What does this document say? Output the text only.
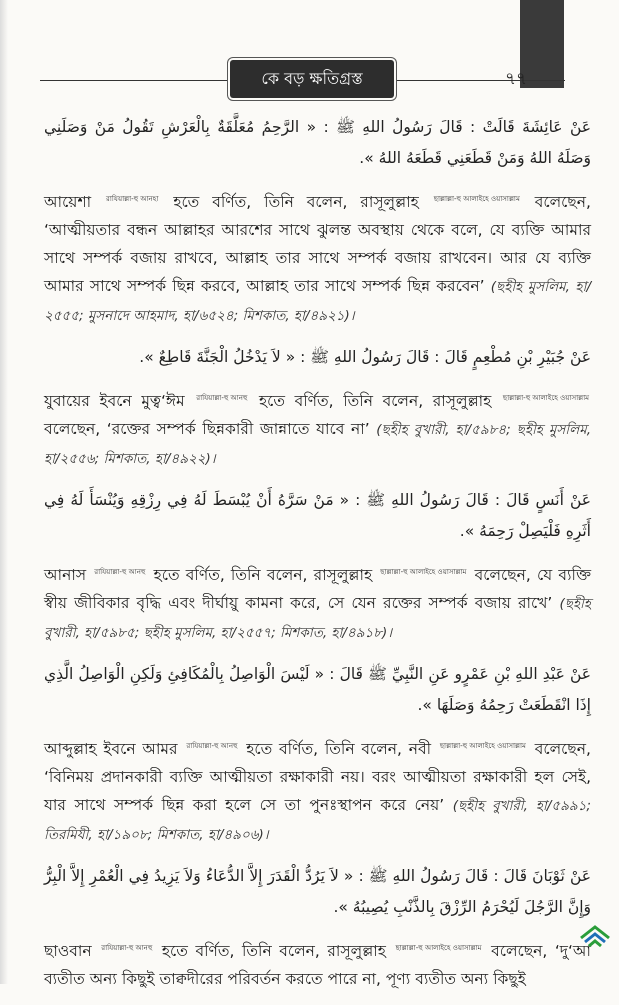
কে বড় ক্ষতিগ্রস্ত	৭৭

عَنْ عَائِشَةَ قَالَتْ : قَالَ رَسُولُ اللهِ ﷺ : « الرَّحِمُ مُعَلَّقَةٌ بِالْعَرْشِ تَقُولُ مَنْ وَصَلَنِي وَصَلَهُ اللهُ وَمَنْ قَطَعَنِي قَطَعَهُ اللهُ ».

আয়েশা রাযিয়াল্লা-হু আনহা হতে বর্ণিত, তিনি বলেন, রাসূলুল্লাহ ছাল্লাল্লা-হু আলাইহে ওয়াসাল্লাম বলেছেন, ‘আত্মীয়তার বন্ধন আল্লাহর আরশের সাথে ঝুলন্ত অবস্থায় থেকে বলে, যে ব্যক্তি আমার সাথে সম্পর্ক বজায় রাখবে, আল্লাহ তার সাথে সম্পর্ক বজায় রাখবেন। আর যে ব্যক্তি আমার সাথে সম্পর্ক ছিন্ন করবে, আল্লাহ তার সাথে সম্পর্ক ছিন্ন করবেন’ (ছহীহ মুসলিম, হা/২৫৫৫; মুসনাদে আহমাদ, হা/৬৫২৪; মিশকাত, হা/৪৯২১)।

عَنْ جُبَيْرِ بْنِ مُطْعِمٍ قَالَ : قَالَ رَسُولُ اللهِ ﷺ : « لاَ يَدْخُلُ الْجَنَّةَ قَاطِعٌ ».

যুবায়ের ইবনে মুত্ব‘ঈম রাযিয়াল্লা-হু আনহু হতে বর্ণিত, তিনি বলেন, রাসূলুল্লাহ ছাল্লাল্লা-হু আলাইহে ওয়াসাল্লাম বলেছেন, ‘রক্তের সম্পর্ক ছিন্নকারী জান্নাতে যাবে না’ (ছহীহ বুখারী, হা/৫৯৮৪; ছহীহ মুসলিম, হা/২৫৫৬; মিশকাত, হা/৪৯২২)।

عَنْ أَنَسٍ قَالَ : قَالَ رَسُولُ اللهِ ﷺ : « مَنْ سَرَّهُ أَنْ يُبْسَطَ لَهُ فِي رِزْقِهِ وَيُنْسَأَ لَهُ فِي أَثَرِهِ فَلْيَصِلْ رَحِمَهُ ».

আনাস রাযিয়াল্লা-হু আনহু হতে বর্ণিত, তিনি বলেন, রাসূলুল্লাহ ছাল্লাল্লা-হু আলাইহে ওয়াসাল্লাম বলেছেন, যে ব্যক্তি স্বীয় জীবিকার বৃদ্ধি এবং দীর্ঘায়ু কামনা করে, সে যেন রক্তের সম্পর্ক বজায় রাখে’ (ছহীহ বুখারী, হা/৫৯৮৫; ছহীহ মুসলিম, হা/২৫৫৭; মিশকাত, হা/৪৯১৮)।

عَنْ عَبْدِ اللهِ بْنِ عَمْرٍو عَنِ النَّبِيِّ ﷺ قَالَ : « لَيْسَ الْوَاصِلُ بِالْمُكَافِئِ وَلَكِنِ الْوَاصِلُ الَّذِي إِذَا انْقَطَعَتْ رَحِمُهُ وَصَلَهَا ».

আব্দুল্লাহ ইবনে আমর রাযিয়াল্লা-হু আনহু হতে বর্ণিত, তিনি বলেন, নবী ছাল্লাল্লা-হু আলাইহে ওয়াসাল্লাম বলেছেন, ‘বিনিময় প্রদানকারী ব্যক্তি আত্মীয়তা রক্ষাকারী নয়। বরং আত্মীয়তা রক্ষাকারী হল সেই, যার সাথে সম্পর্ক ছিন্ন করা হলে সে তা পুনঃস্থাপন করে নেয়’ (ছহীহ বুখারী, হা/৫৯৯১; তিরমিযী, হা/১৯০৮; মিশকাত, হা/৪৯০৬)।

عَنْ ثَوْبَانَ قَالَ : قَالَ رَسُولُ اللهِ ﷺ : « لاَ يَرُدُّ الْقَدَرَ إِلاَّ الدُّعَاءُ وَلاَ يَزِيدُ فِي الْعُمْرِ إِلاَّ الْبِرُّ وَإِنَّ الرَّجُلَ لَيُحْرَمُ الرِّزْقَ بِالذَّنْبِ يُصِيبُهُ ».

ছাওবান রাযিয়াল্লা-হু আনহু হতে বর্ণিত, তিনি বলেন, রাসূলুল্লাহ ছাল্লাল্লা-হু আলাইহে ওয়াসাল্লাম বলেছেন, ‘দু‘আ ব্যতীত অন্য কিছুই তাক্বদীরের পরিবর্তন করতে পারে না, পূণ্য ব্যতীত অন্য কিছুই
